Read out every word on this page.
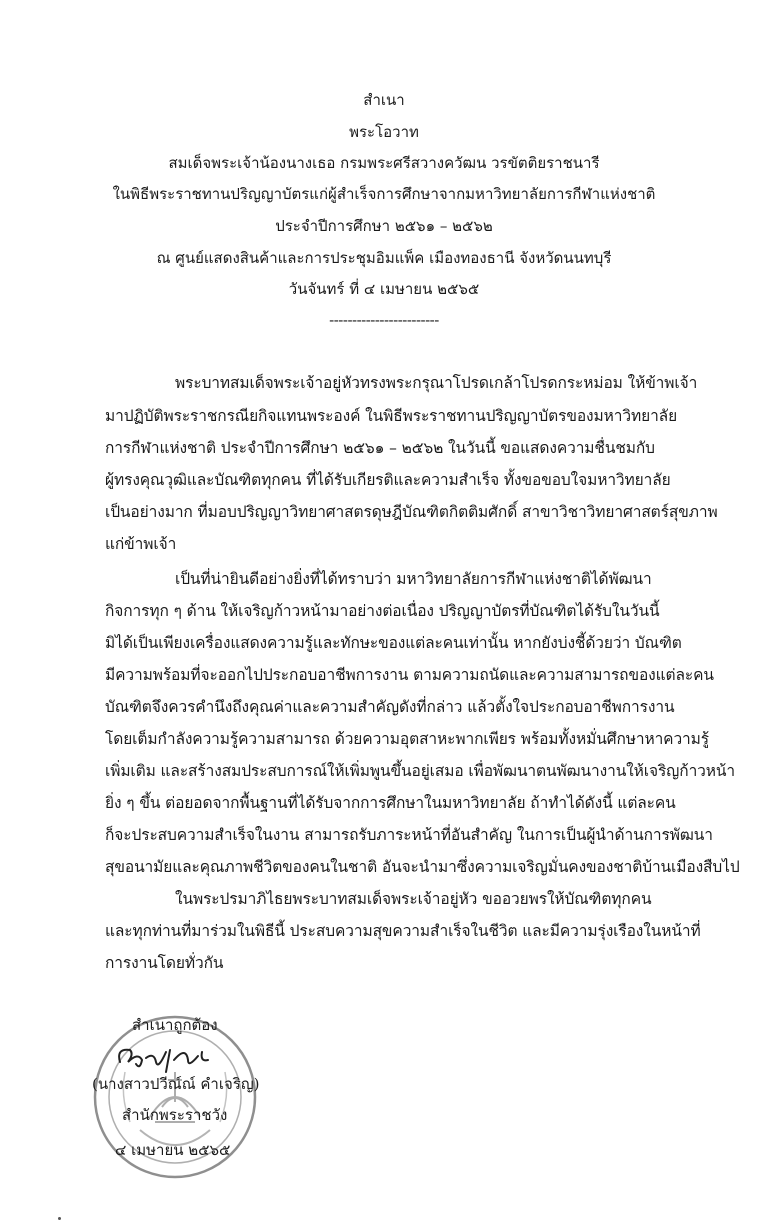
สำเนา
พระโอวาท
สมเด็จพระเจ้าน้องนางเธอ กรมพระศรีสวางควัฒน วรขัตติยราชนารี
ในพิธีพระราชทานปริญญาบัตรแก่ผู้สำเร็จการศึกษาจากมหาวิทยาลัยการกีฬาแห่งชาติ
ประจำปีการศึกษา ๒๕๖๑ – ๒๕๖๒
ณ ศูนย์แสดงสินค้าและการประชุมอิมแพ็ค เมืองทองธานี จังหวัดนนทบุรี
วันจันทร์ ที่ ๔ เมษายน ๒๕๖๕
------------------------
พระบาทสมเด็จพระเจ้าอยู่หัวทรงพระกรุณาโปรดเกล้าโปรดกระหม่อม ให้ข้าพเจ้า
มาปฏิบัติพระราชกรณียกิจแทนพระองค์ ในพิธีพระราชทานปริญญาบัตรของมหาวิทยาลัย
การกีฬาแห่งชาติ ประจำปีการศึกษา ๒๕๖๑ – ๒๕๖๒ ในวันนี้ ขอแสดงความชื่นชมกับ
ผู้ทรงคุณวุฒิและบัณฑิตทุกคน ที่ได้รับเกียรติและความสำเร็จ ทั้งขอขอบใจมหาวิทยาลัย
เป็นอย่างมาก ที่มอบปริญญาวิทยาศาสตรดุษฎีบัณฑิตกิตติมศักดิ์ สาขาวิชาวิทยาศาสตร์สุขภาพ
แก่ข้าพเจ้า
เป็นที่น่ายินดีอย่างยิ่งที่ได้ทราบว่า มหาวิทยาลัยการกีฬาแห่งชาติได้พัฒนา
กิจการทุก ๆ ด้าน ให้เจริญก้าวหน้ามาอย่างต่อเนื่อง ปริญญาบัตรที่บัณฑิตได้รับในวันนี้
มิได้เป็นเพียงเครื่องแสดงความรู้และทักษะของแต่ละคนเท่านั้น หากยังบ่งชี้ด้วยว่า บัณฑิต
มีความพร้อมที่จะออกไปประกอบอาชีพการงาน ตามความถนัดและความสามารถของแต่ละคน
บัณฑิตจึงควรคำนึงถึงคุณค่าและความสำคัญดังที่กล่าว แล้วตั้งใจประกอบอาชีพการงาน
โดยเต็มกำลังความรู้ความสามารถ ด้วยความอุตสาหะพากเพียร พร้อมทั้งหมั่นศึกษาหาความรู้
เพิ่มเติม และสร้างสมประสบการณ์ให้เพิ่มพูนขึ้นอยู่เสมอ เพื่อพัฒนาตนพัฒนางานให้เจริญก้าวหน้า
ยิ่ง ๆ ขึ้น ต่อยอดจากพื้นฐานที่ได้รับจากการศึกษาในมหาวิทยาลัย ถ้าทำได้ดังนี้ แต่ละคน
ก็จะประสบความสำเร็จในงาน สามารถรับภาระหน้าที่อันสำคัญ ในการเป็นผู้นำด้านการพัฒนา
สุขอนามัยและคุณภาพชีวิตของคนในชาติ อันจะนำมาซึ่งความเจริญมั่นคงของชาติบ้านเมืองสืบไป
ในพระปรมาภิไธยพระบาทสมเด็จพระเจ้าอยู่หัว ขออวยพรให้บัณฑิตทุกคน
และทุกท่านที่มาร่วมในพิธีนี้ ประสบความสุขความสำเร็จในชีวิต และมีความรุ่งเรืองในหน้าที่
การงานโดยทั่วกัน
สำเนาถูกต้อง
(นางสาวปวีณ์ณ์ คำเจริญ)
สำนักพระราชวัง
๔ เมษายน ๒๕๖๕
